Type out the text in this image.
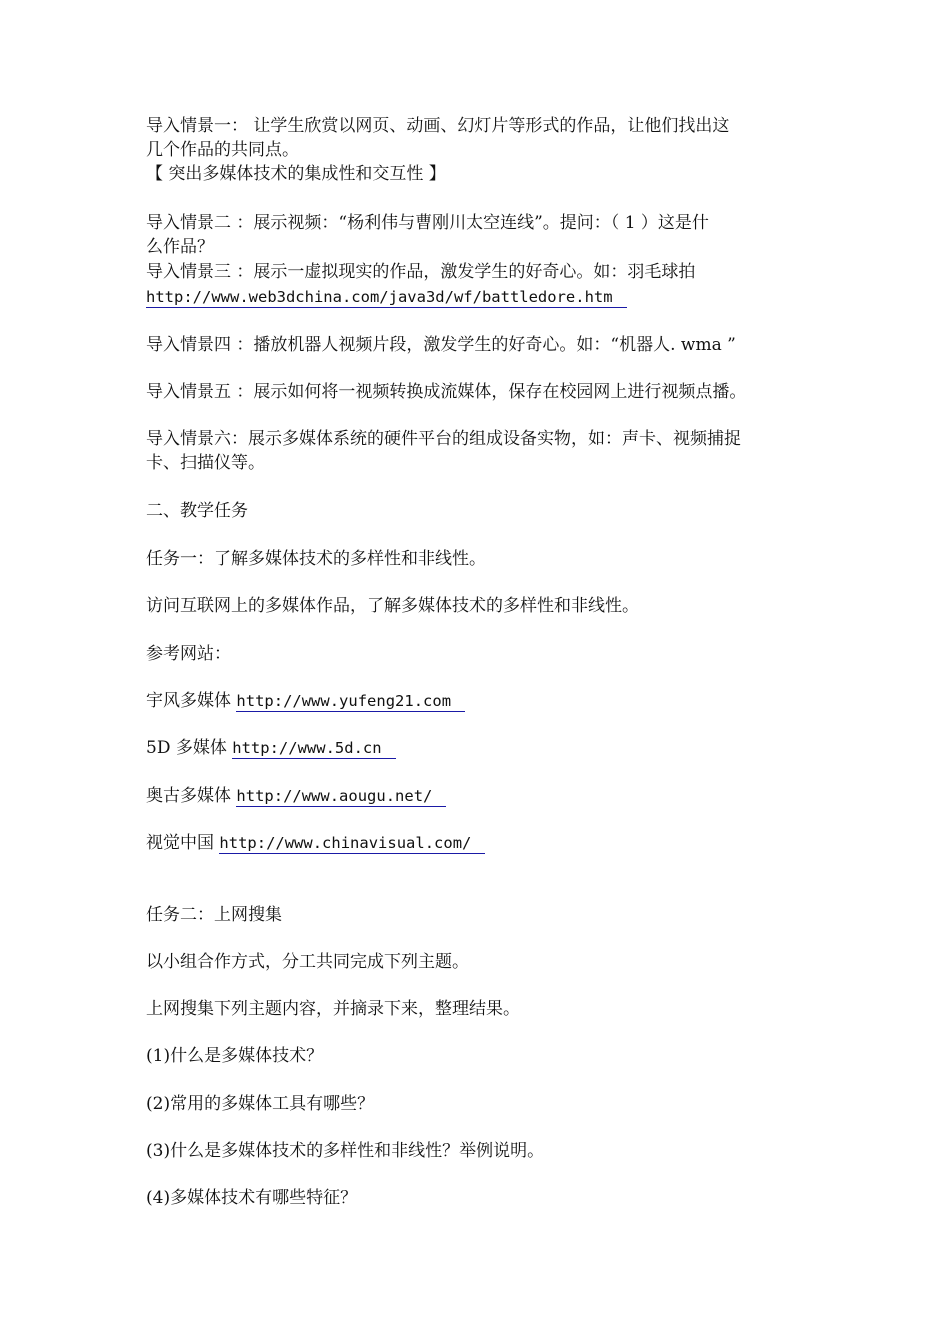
导入情景一： 让学生欣赏以网页、动画、幻灯片等形式的作品，让他们找出这
几个作品的共同点。
【 突出多媒体技术的集成性和交互性 】
导入情景二 ：展示视频：“杨利伟与曹刚川太空连线”。提问：（ 1 ）这是什
么作品？
导入情景三 ：展示一虚拟现实的作品，激发学生的好奇心。如：羽毛球拍
http://www.web3dchina.com/java3d/wf/battledore.htm
导入情景四 ：播放机器人视频片段，激发学生的好奇心。如：“机器人. wma ”
导入情景五 ：展示如何将一视频转换成流媒体，保存在校园网上进行视频点播。
导入情景六：展示多媒体系统的硬件平台的组成设备实物，如：声卡、视频捕捉
卡、扫描仪等。
二、教学任务
任务一：了解多媒体技术的多样性和非线性。
访问互联网上的多媒体作品，了解多媒体技术的多样性和非线性。
参考网站：
宇风多媒体 http://www.yufeng21.com
5D 多媒体 http://www.5d.cn
奥古多媒体 http://www.aougu.net/
视觉中国 http://www.chinavisual.com/
任务二：上网搜集
以小组合作方式，分工共同完成下列主题。
上网搜集下列主题内容，并摘录下来，整理结果。
(1)什么是多媒体技术？
(2)常用的多媒体工具有哪些？
(3)什么是多媒体技术的多样性和非线性？举例说明。
(4)多媒体技术有哪些特征？
